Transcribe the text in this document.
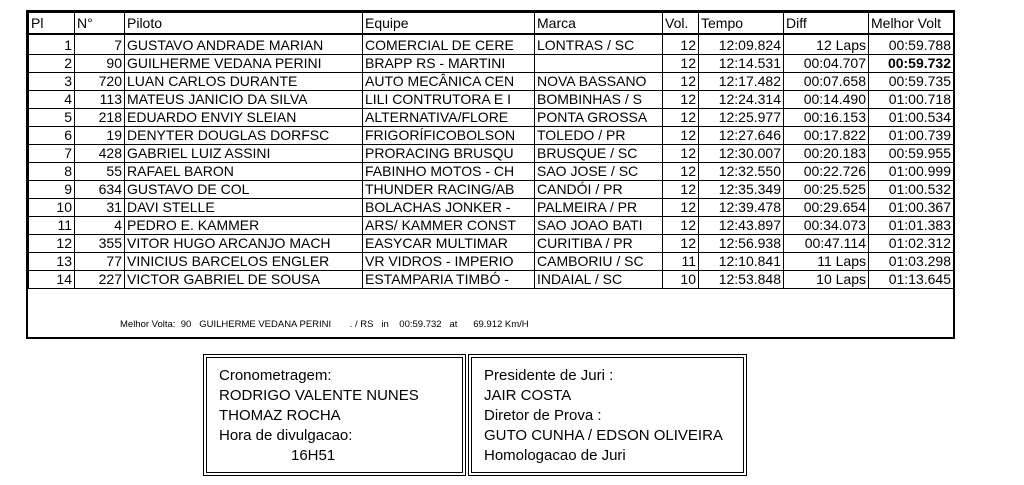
Pl	N°	Piloto	Equipe	Marca	Vol.	Tempo	Diff	Melhor Volt
1	7	GUSTAVO ANDRADE MARIAN	COMERCIAL DE CERE	LONTRAS / SC	12	12:09.824	12 Laps	00:59.788
2	90	GUILHERME VEDANA PERINI	BRAPP RS - MARTINI		12	12:14.531	00:04.707	00:59.732
3	720	LUAN CARLOS DURANTE	AUTO MECÂNICA CEN	NOVA BASSANO	12	12:17.482	00:07.658	00:59.735
4	113	MATEUS JANICIO DA SILVA	LILI CONTRUTORA E I	BOMBINHAS / S	12	12:24.314	00:14.490	01:00.718
5	218	EDUARDO ENVIY SLEIAN	ALTERNATIVA/FLORE	PONTA GROSSA	12	12:25.977	00:16.153	01:00.534
6	19	DENYTER DOUGLAS DORFSC	FRIGORÍFICOBOLSON	TOLEDO / PR	12	12:27.646	00:17.822	01:00.739
7	428	GABRIEL LUIZ ASSINI	PRORACING BRUSQU	BRUSQUE / SC	12	12:30.007	00:20.183	00:59.955
8	55	RAFAEL BARON	FABINHO MOTOS - CH	SAO JOSE / SC	12	12:32.550	00:22.726	01:00.999
9	634	GUSTAVO DE COL	THUNDER RACING/AB	CANDÓI / PR	12	12:35.349	00:25.525	01:00.532
10	31	DAVI STELLE	BOLACHAS JONKER -	PALMEIRA / PR	12	12:39.478	00:29.654	01:00.367
11	4	PEDRO E. KAMMER	ARS/ KAMMER CONST	SAO JOAO BATI	12	12:43.897	00:34.073	01:01.383
12	355	VITOR HUGO ARCANJO MACH	EASYCAR MULTIMAR	CURITIBA / PR	12	12:56.938	00:47.114	01:02.312
13	77	VINICIUS BARCELOS ENGLER	VR VIDROS - IMPERIO	CAMBORIU / SC	11	12:10.841	11 Laps	01:03.298
14	227	VICTOR GABRIEL DE SOUSA	ESTAMPARIA TIMBÓ -	INDAIAL / SC	10	12:53.848	10 Laps	01:13.645
Melhor Volta:  90   GUILHERME VEDANA PERINI       . / RS   in    00:59.732   at      69.912 Km/H
Cronometragem:
RODRIGO VALENTE NUNES
THOMAZ ROCHA
Hora de divulgacao:
16H51
Presidente de Juri :
JAIR COSTA
Diretor de Prova :
GUTO CUNHA / EDSON OLIVEIRA
Homologacao de Juri
